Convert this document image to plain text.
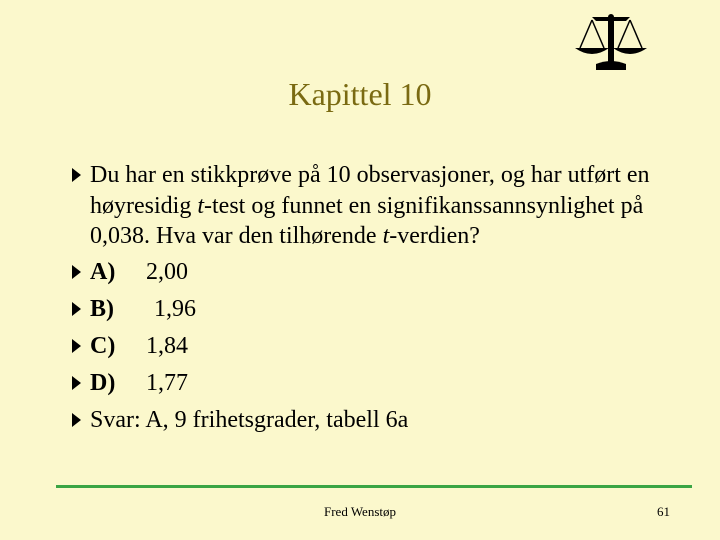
Kapittel 10
Du har en stikkprøve på 10 observasjoner, og har utført en høyresidig t-test og funnet en signifikanssannsynlighet på 0,038. Hva var den tilhørende t-verdien?
A) 2,00
B) 1,96
C) 1,84
D) 1,77
Svar: A, 9 frihetsgrader, tabell 6a
Fred Wenstøp	61
